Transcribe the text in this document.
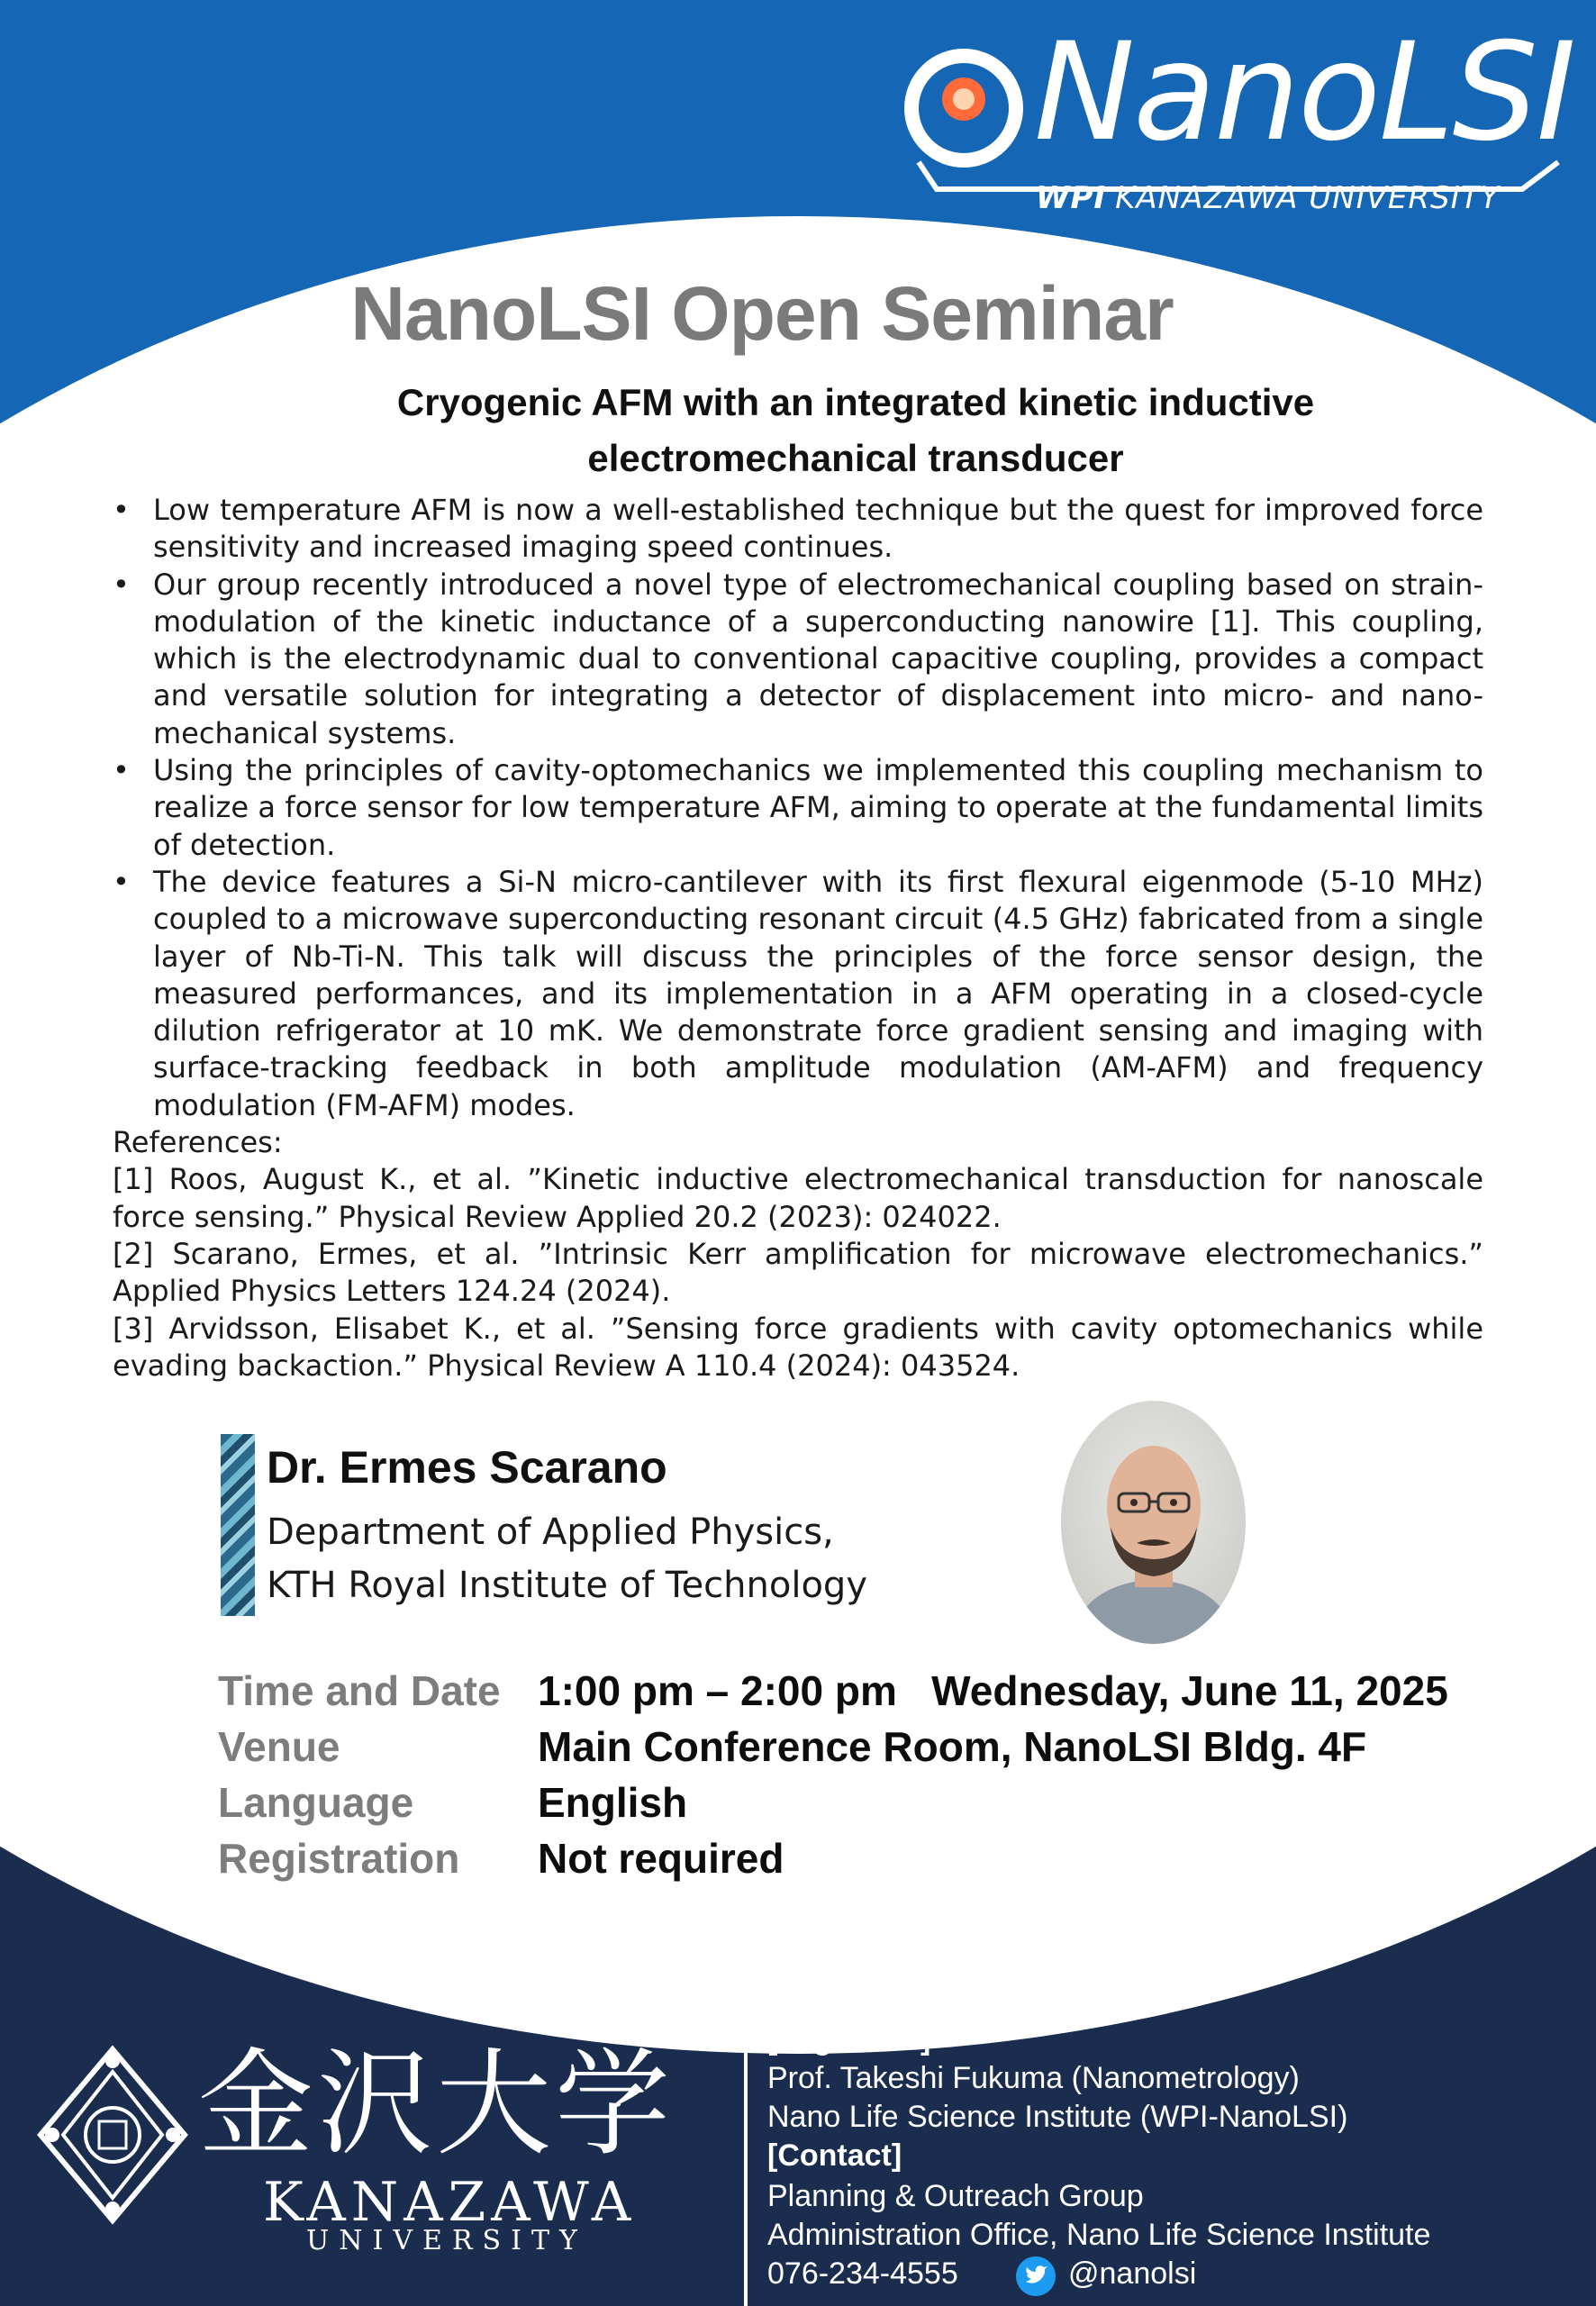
NanoLSI
WPI KANAZAWA UNIVERSITY
NanoLSI Open Seminar
Cryogenic AFM with an integrated kinetic inductive
electromechanical transducer
• Low temperature AFM is now a well-established technique but the quest for improved force sensitivity and increased imaging speed continues.
• Our group recently introduced a novel type of electromechanical coupling based on strain-modulation of the kinetic inductance of a superconducting nanowire [1]. This coupling, which is the electrodynamic dual to conventional capacitive coupling, provides a compact and versatile solution for integrating a detector of displacement into micro- and nano-mechanical systems.
• Using the principles of cavity-optomechanics we implemented this coupling mechanism to realize a force sensor for low temperature AFM, aiming to operate at the fundamental limits of detection.
• The device features a Si-N micro-cantilever with its first flexural eigenmode (5-10 MHz) coupled to a microwave superconducting resonant circuit (4.5 GHz) fabricated from a single layer of Nb-Ti-N. This talk will discuss the principles of the force sensor design, the measured performances, and its implementation in a AFM operating in a closed-cycle dilution refrigerator at 10 mK. We demonstrate force gradient sensing and imaging with surface-tracking feedback in both amplitude modulation (AM-AFM) and frequency modulation (FM-AFM) modes.

References:

[1] Roos, August K., et al. ”Kinetic inductive electromechanical transduction for nanoscale force sensing.” Physical Review Applied 20.2 (2023): 024022.

[2] Scarano, Ermes, et al. ”Intrinsic Kerr amplification for microwave electromechanics.” Applied Physics Letters 124.24 (2024).

[3] Arvidsson, Elisabet K., et al. ”Sensing force gradients with cavity optomechanics while evading backaction.” Physical Review A 110.4 (2024): 043524.

Dr. Ermes Scarano
Department of Applied Physics,
KTH Royal Institute of Technology
Time and Date 1:00 pm – 2:00 pm   Wednesday, June 11, 2025
Venue	Main Conference Room, NanoLSI Bldg. 4F
Language	English
Registration Not required
金沢大学
KANAZAWA
UNIVERSITY
[Organizer]
Prof. Takeshi Fukuma (Nanometrology)
Nano Life Science Institute (WPI-NanoLSI)
[Contact]
Planning & Outreach Group
Administration Office, Nano Life Science Institute
076-234-4555	@nanolsi
